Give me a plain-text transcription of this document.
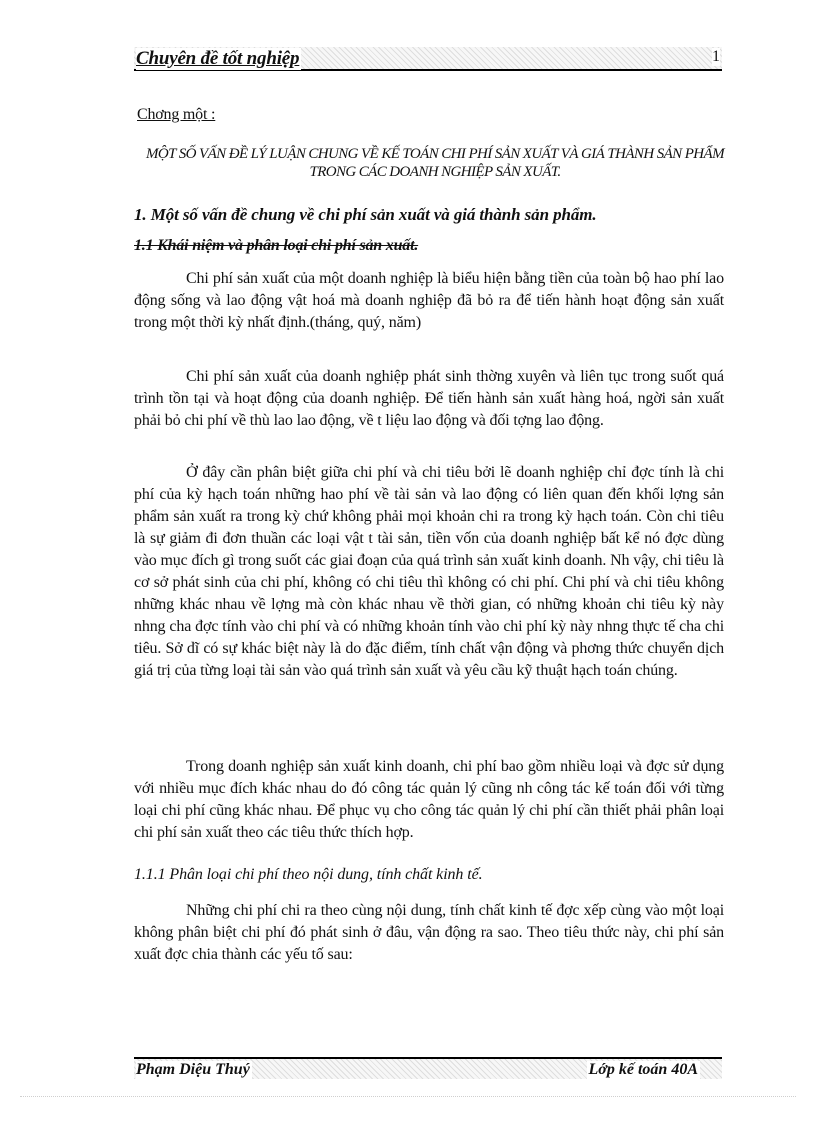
Chuyên đề tốt nghiệp	1
Chơng một :
MỘT SỐ VẤN ĐỀ LÝ LUẬN CHUNG VỀ KẾ TOÁN CHI PHÍ SẢN XUẤT VÀ GIÁ THÀNH SẢN PHẨM TRONG CÁC DOANH NGHIỆP SẢN XUẤT.
1. Một số vấn đề chung về chi phí sản xuất và giá thành sản phẩm.
1.1 Khái niệm và phân loại chi phí sản xuất.

Chi phí sản xuất của một doanh nghiệp là biểu hiện bằng tiền của toàn bộ hao phí lao động sống và lao động vật hoá mà doanh nghiệp đã bỏ ra để tiến hành hoạt động sản xuất trong một thời kỳ nhất định.(tháng, quý, năm)

Chi phí sản xuất của doanh nghiệp phát sinh thờng xuyên và liên tục trong suốt quá trình tồn tại và hoạt động của doanh nghiệp. Để tiến hành sản xuất hàng hoá, ngời sản xuất phải bỏ chi phí về thù lao lao động, về t liệu lao động và đối tợng lao động.

Ở đây cần phân biệt giữa chi phí và chi tiêu bởi lẽ doanh nghiệp chỉ đợc tính là chi phí của kỳ hạch toán những hao phí về tài sản và lao động có liên quan đến khối lợng sản phẩm sản xuất ra trong kỳ chứ không phải mọi khoản chi ra trong kỳ hạch toán. Còn chi tiêu là sự giảm đi đơn thuần các loại vật t tài sản, tiền vốn của doanh nghiệp bất kể nó đợc dùng vào mục đích gì trong suốt các giai đoạn của quá trình sản xuất kinh doanh. Nh vậy, chi tiêu là cơ sở phát sinh của chi phí, không có chi tiêu thì không có chi phí. Chi phí và chi tiêu không những khác nhau về lợng mà còn khác nhau về thời gian, có những khoản chi tiêu kỳ này nhng cha đợc tính vào chi phí và có những khoản tính vào chi phí kỳ này nhng thực tế cha chi tiêu. Sở dĩ có sự khác biệt này là do đặc điểm, tính chất vận động và phơng thức chuyển dịch giá trị của từng loại tài sản vào quá trình sản xuất và yêu cầu kỹ thuật hạch toán chúng.

Trong doanh nghiệp sản xuất kinh doanh, chi phí bao gồm nhiều loại và đợc sử dụng với nhiều mục đích khác nhau do đó công tác quản lý cũng nh công tác kế toán đối với từng loại chi phí cũng khác nhau. Để phục vụ cho công tác quản lý chi phí cần thiết phải phân loại chi phí sản xuất theo các tiêu thức thích hợp.

1.1.1 Phân loại chi phí theo nội dung, tính chất kinh tế.

Những chi phí chi ra theo cùng nội dung, tính chất kinh tế đợc xếp cùng vào một loại không phân biệt chi phí đó phát sinh ở đâu, vận động ra sao. Theo tiêu thức này, chi phí sản xuất đợc chia thành các yếu tố sau:

Phạm Diệu Thuý	Lớp kế toán 40A
